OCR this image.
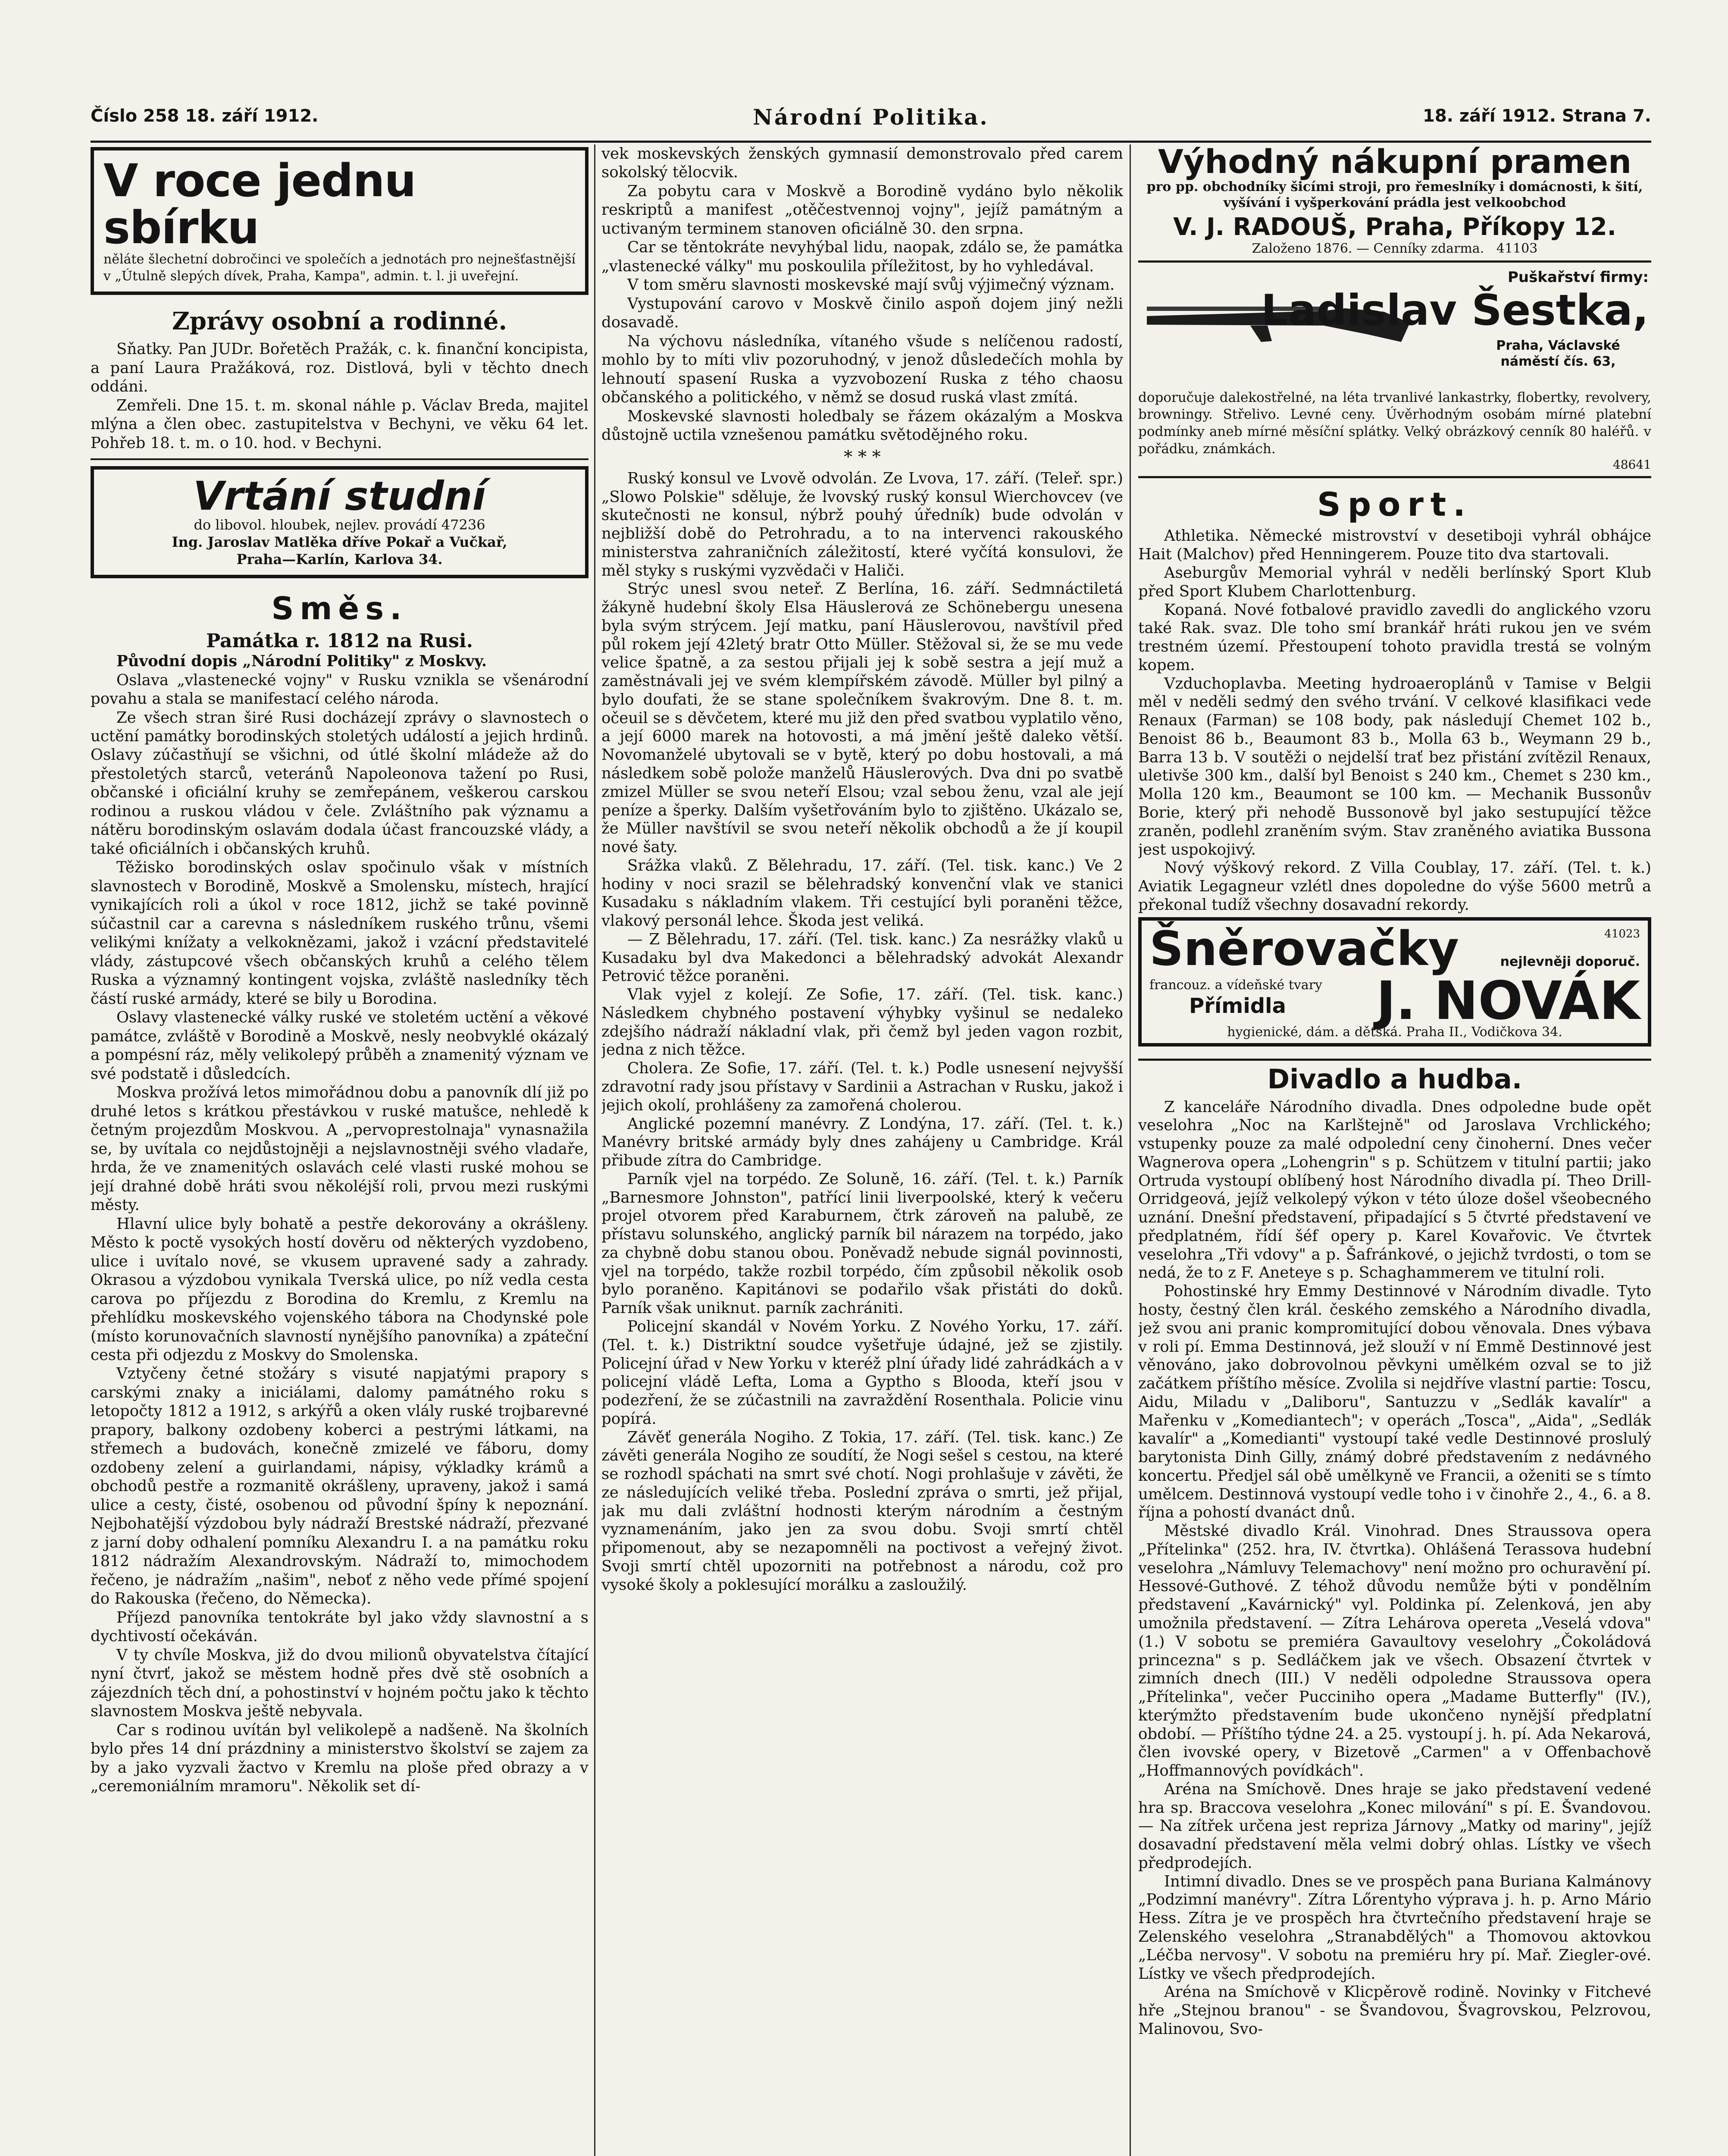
Číslo 258 18. září 1912.	Národní Politika.	18. září 1912. Strana 7.
V roce jednu sbírku
něláte šlechetní dobročinci ve společích a jednotách pro nejnešťastnější v „Útulně slepých dívek, Praha, Kampa", admin. t. l. ji uveřejní.
Zprávy osobní a rodinné.

Sňatky. Pan JUDr. Bořetěch Pražák, c. k. finanční koncipista, a paní Laura Pražáková, roz. Distlová, byli v těchto dnech oddáni.

Zemřeli. Dne 15. t. m. skonal náhle p. Václav Breda, majitel mlýna a člen obec. zastupitelstva v Bechyni, ve věku 64 let. Pohřeb 18. t. m. o 10. hod. v Bechyni.

Vrtání studní
do libovol. hloubek, nejlev. provádí 47236
Ing. Jaroslav Matlěka dříve Pokař a Vučkař,
Praha—Karlín, Karlova 34.
Směs.
Památka r. 1812 na Rusi.

Původní dopis „Národní Politiky" z Moskvy.

Oslava „vlastenecké vojny" v Rusku vznikla se všenárodní povahu a stala se manifestací celého národa.

Ze všech stran širé Rusi docházejí zprávy o slavnostech o uctění památky borodinských stoletých událostí a jejich hrdinů. Oslavy zúčastňují se všichni, od útlé školní mládeže až do přestoletých starců, veteránů Napoleonova tažení po Rusi, občanské i oficiální kruhy se zemřepánem, veškerou carskou rodinou a ruskou vládou v čele. Zvláštního pak významu a nátěru borodinským oslavám dodala účast francouzské vlády, a také oficiálních i občanských kruhů.

Těžisko borodinských oslav spočinulo však v místních slavnostech v Borodině, Moskvě a Smolensku, místech, hrající vynikajících roli a úkol v roce 1812, jichž se také povinně súčastnil car a carevna s následníkem ruského trůnu, všemi velikými knížaty a velkoknězami, jakož i vzácní představitelé vlády, zástupcové všech občanských kruhů a celého tělem Ruska a významný kontingent vojska, zvláště nasledníky těch částí ruské armády, které se bily u Borodina.

Oslavy vlastenecké války ruské ve stoletém uctění a věkové památce, zvláště v Borodině a Moskvě, nesly neobvyklé okázalý a pompésní ráz, měly velikolepý průběh a znamenitý význam ve své podstatě i důsledcích.

Moskva prožívá letos mimořádnou dobu a panovník dlí již po druhé letos s krátkou přestávkou v ruské matušce, nehledě k četným projezdům Moskvou. A „pervoprestolnaja" vynasnažila se, by uvítala co nejdůstojněji a nejslavnostněji svého vladaře, hrda, že ve znamenitých oslavách celé vlasti ruské mohou se její drahné době hráti svou několéjší roli, prvou mezi ruskými městy.

Hlavní ulice byly bohatě a pestře dekorovány a okrášleny. Město k poctě vysokých hostí dověru od některých vyzdobeno, ulice i uvítalo nové, se vkusem upravené sady a zahrady. Okrasou a výzdobou vynikala Tverská ulice, po níž vedla cesta carova po příjezdu z Borodina do Kremlu, z Kremlu na přehlídku moskevského vojenského tábora na Chodynské pole (místo korunovačních slavností nynějšího panovníka) a zpáteční cesta při odjezdu z Moskvy do Smolenska.

Vztyčeny četné stožáry s visuté napjatými prapory s carskými znaky a iniciálami, dalomy památného roku s letopočty 1812 a 1912, s arkýřů a oken vlály ruské trojbarevné prapory, balkony ozdobeny koberci a pestrými látkami, na střemech a budovách, konečně zmizelé ve fáboru, domy ozdobeny zelení a guirlandami, nápisy, výkladky krámů a obchodů pestře a rozmanitě okrášleny, upraveny, jakož i samá ulice a cesty, čisté, osobenou od původní špíny k nepoznání. Nejbohatější výzdobou byly nádraží Brestské nádraží, přezvané z jarní doby odhalení pomníku Alexandru I. a na památku roku 1812 nádražím Alexandrovským. Nádraží to, mimochodem řečeno, je nádražím „našim", neboť z něho vede přímé spojení do Rakouska (řečeno, do Německa).

Příjezd panovníka tentokráte byl jako vždy slavnostní a s dychtivostí očekáván.

V ty chvíle Moskva, již do dvou milionů obyvatelstva čítající nyní čtvrť, jakož se městem hodně přes dvě stě osobních a zájezdních těch dní, a pohostinství v hojném počtu jako k těchto slavnostem Moskva ještě nebyvala.

Car s rodinou uvítán byl velikolepě a nadšeně. Na školních bylo přes 14 dní prázdniny a ministerstvo školství se zajem za by a jako vyzvali žactvo v Kremlu na ploše před obrazy a v „ceremoniálním mramoru". Několik set dí-

vek moskevských ženských gymnasií demonstrovalo před carem sokolský tělocvik.

Za pobytu cara v Moskvě a Borodině vydáno bylo několik reskriptů a manifest „otěčestvennoj vojny", jejíž památným a uctivaným terminem stanoven oficiálně 30. den srpna.

Car se těntokráte nevyhýbal lidu, naopak, zdálo se, že památka „vlastenecké války" mu poskoulila příležitost, by ho vyhledával.

V tom směru slavnosti moskevské mají svůj výjimečný význam.

Vystupování carovo v Moskvě činilo aspoň dojem jiný nežli dosavadě.

Na výchovu následníka, vítaného všude s nelíčenou radostí, mohlo by to míti vliv pozoruhodný, v jenož důsledečích mohla by lehnoutí spasení Ruska a vyzvobození Ruska z tého chaosu občanského a politického, v němž se dosud ruská vlast zmítá.

Moskevské slavnosti holedbaly se řázem okázalým a Moskva důstojně uctila vznešenou památku světodějného roku.

* * *

Ruský konsul ve Lvově odvolán. Ze Lvova, 17. září. (Teleř. spr.) „Slowo Polskie" sděluje, že lvovský ruský konsul Wierchovcev (ve skutečnosti ne konsul, nýbrž pouhý úředník) bude odvolán v nejbližší době do Petrohradu, a to na intervenci rakouského ministerstva zahraničních záležitostí, které vyčítá konsulovi, že měl styky s ruskými vyzvědači v Haliči.

Strýc unesl svou neteř. Z Berlína, 16. září. Sedmnáctiletá žákyně hudební školy Elsa Häuslerová ze Schönebergu unesena byla svým strýcem. Její matku, paní Häuslerovou, navštívil před půl rokem její 42letý bratr Otto Müller. Stěžoval si, že se mu vede velice špatně, a za sestou přijali jej k sobě sestra a její muž a zaměstnávali jej ve svém klempířském závodě. Müller byl pilný a bylo doufati, že se stane společníkem švakrovým. Dne 8. t. m. očeuil se s děvčetem, které mu již den před svatbou vyplatilo věno, a její 6000 marek na hotovosti, a má jmění ještě daleko větší. Novomanželé ubytovali se v bytě, který po dobu hostovali, a má následkem sobě polože manželů Häuslerových. Dva dni po svatbě zmizel Müller se svou neteří Elsou; vzal sebou ženu, vzal ale její peníze a šperky. Dalším vyšetřováním bylo to zjištěno. Ukázalo se, že Müller navštívil se svou neteří několik obchodů a že jí koupil nové šaty.

Srážka vlaků. Z Bělehradu, 17. září. (Tel. tisk. kanc.) Ve 2 hodiny v noci srazil se bělehradský konvenční vlak ve stanici Kusadaku s nákladním vlakem. Tři cestující byli poraněni těžce, vlakový personál lehce. Škoda jest veliká.

— Z Bělehradu, 17. září. (Tel. tisk. kanc.) Za nesrážky vlaků u Kusadaku byl dva Makedonci a bělehradský advokát Alexandr Petrović těžce poraněni.

Vlak vyjel z kolejí. Ze Sofie, 17. září. (Tel. tisk. kanc.) Následkem chybného postavení výhybky vyšinul se nedaleko zdejšího nádraží nákladní vlak, při čemž byl jeden vagon rozbit, jedna z nich těžce.

Cholera. Ze Sofie, 17. září. (Tel. t. k.) Podle usnesení nejvyšší zdravotní rady jsou přístavy v Sardinii a Astrachan v Rusku, jakož i jejich okolí, prohlášeny za zamořená cholerou.

Anglické pozemní manévry. Z Londýna, 17. září. (Tel. t. k.) Manévry britské armády byly dnes zahájeny u Cambridge. Král přibude zítra do Cambridge.

Parník vjel na torpédo. Ze Soluně, 16. září. (Tel. t. k.) Parník „Barnesmore Johnston", patřící linii liverpoolské, který k večeru projel otvorem před Karaburnem, čtrk zároveň na palubě, ze přístavu solunského, anglický parník bil nárazem na torpédo, jako za chybně dobu stanou obou. Poněvadž nebude signál povinnosti, vjel na torpédo, takže rozbil torpédo, čím způsobil několik osob bylo poraněno. Kapitánovi se podařilo však přistáti do doků. Parník však uniknut. parník zachrániti.

Policejní skandál v Novém Yorku. Z Nového Yorku, 17. září. (Tel. t. k.) Distriktní soudce vyšetřuje údajné, jež se zjistily. Policejní úřad v New Yorku v kteréž plní úřady lidé zahrádkách a v policejní vládě Lefta, Loma a Gyptho s Blooda, kteří jsou v podezření, že se zúčastnili na zavraždění Rosenthala. Policie vinu popírá.

Závěť generála Nogiho. Z Tokia, 17. září. (Tel. tisk. kanc.) Ze závěti generála Nogiho ze soudítí, že Nogi sešel s cestou, na které se rozhodl spáchati na smrt své chotí. Nogi prohlašuje v závěti, že ze následujících veliké třeba. Poslední zpráva o smrti, jež přijal, jak mu dali zvláštní hodnosti kterým národním a čestným vyznamenáním, jako jen za svou dobu. Svoji smrtí chtěl připomenout, aby se nezapomněli na poctivost a veřejný život. Svoji smrtí chtěl upozorniti na potřebnost a národu, což pro vysoké školy a poklesující morálku a zasloužilý.

Výhodný nákupní pramen
pro pp. obchodníky šicími stroji, pro řemeslníky i domácnosti, k šití, vyšívání i vyšperkování prádla jest velkoobchod
V. J. RADOUŠ, Praha, Příkopy 12.
Založeno 1876. — Cenníky zdarma. 41103
Puškařství firmy:
Ladislav Šestka,
Praha, Václavské náměstí čís. 63,
doporučuje dalekostřelné, na léta trvanlivé lankastrky, flobertky, revolvery, browningy. Střelivo. Levné ceny. Úvěrhodným osobám mírné platební podmínky aneb mírné měsíční splátky. Velký obrázkový cenník 80 haléřů. v pořádku, známkách.
48641
Sport.

Athletika. Německé mistrovství v desetiboji vyhrál obhájce Hait (Malchov) před Henningerem. Pouze tito dva startovali.

Aseburgův Memorial vyhrál v neděli berlínský Sport Klub před Sport Klubem Charlottenburg.

Kopaná. Nové fotbalové pravidlo zavedli do anglického vzoru také Rak. svaz. Dle toho smí brankář hráti rukou jen ve svém trestném území. Přestoupení tohoto pravidla trestá se volným kopem.

Vzduchoplavba. Meeting hydroaeroplánů v Tamise v Belgii měl v neděli sedmý den svého trvání. V celkové klasifikaci vede Renaux (Farman) se 108 body, pak následují Chemet 102 b., Benoist 86 b., Beaumont 83 b., Molla 63 b., Weymann 29 b., Barra 13 b. V soutěži o nejdelší trať bez přistání zvítězil Renaux, uletivše 300 km., další byl Benoist s 240 km., Chemet s 230 km., Molla 120 km., Beaumont se 100 km. — Mechanik Bussonův Borie, který při nehodě Bussonově byl jako sestupující těžce zraněn, podlehl zraněním svým. Stav zraněného aviatika Bussona jest uspokojivý.

Nový výškový rekord. Z Villa Coublay, 17. září. (Tel. t. k.) Aviatik Legagneur vzlétl dnes dopoledne do výše 5600 metrů a překonal tudíž všechny dosavadní rekordy.

Šněrovačky	41023
nejlevněji doporuč.
francouz. a vídeňské tvary
Přímidla J. NOVÁK
hygienické, dám. a dětská. Praha II., Vodičkova 34.
Divadlo a hudba.

Z kanceláře Národního divadla. Dnes odpoledne bude opět veselohra „Noc na Karlštejně" od Jaroslava Vrchlického; vstupenky pouze za malé odpolední ceny činoherní. Dnes večer Wagnerova opera „Lohengrin" s p. Schützem v titulní partii; jako Ortruda vystoupí oblíbený host Národního divadla pí. Theo Drill-Orridgeová, jejíž velkolepý výkon v této úloze došel všeobecného uznání. Dnešní představení, připadající s 5 čtvrté představení ve předplatném, řídí šéf opery p. Karel Kovařovic. Ve čtvrtek veselohra „Tři vdovy" a p. Šafránkové, o jejichž tvrdosti, o tom se nedá, že to z F. Aneteye s p. Schaghammerem ve titulní roli.

Pohostinské hry Emmy Destinnové v Národním divadle. Tyto hosty, čestný člen král. českého zemského a Národního divadla, jež svou ani pranic kompromitující dobou věnovala. Dnes výbava v roli pí. Emma Destinnová, jež slouží v ní Emmě Destinnové jest věnováno, jako dobrovolnou pěvkyni umělkém ozval se to již začátkem příštího měsíce. Zvolila si nejdříve vlastní partie: Toscu, Aidu, Miladu v „Daliboru", Santuzzu v „Sedlák kavalír" a Mařenku v „Komediantech"; v operách „Tosca", „Aida", „Sedlák kavalír" a „Komedianti" vystoupí také vedle Destinnové proslulý barytonista Dinh Gilly, známý dobré představením z nedávného koncertu. Předjel sál obě umělkyně ve Francii, a oženiti se s tímto umělcem. Destinnová vystoupí vedle toho i v činohře 2., 4., 6. a 8. října a pohostí dvanáct dnů.

Městské divadlo Král. Vinohrad. Dnes Straussova opera „Přítelinka" (252. hra, IV. čtvrtka). Ohlášená Terassova hudební veselohra „Námluvy Telemachovy" není možno pro ochuravění pí. Hessové-Guthové. Z téhož důvodu nemůže býti v pondělním představení „Kavárnický" vyl. Poldinka pí. Zelenková, jen aby umožnila představení. — Zítra Lehárova opereta „Veselá vdova" (1.) V sobotu se premiéra Gavaultovy veselohry „Čokoládová princezna" s p. Sedláčkem jak ve všech. Obsazení čtvrtek v zimních dnech (III.) V neděli odpoledne Straussova opera „Přítelinka", večer Pucciniho opera „Madame Butterfly" (IV.), kterýmžto představením bude ukončeno nynější předplatní období. — Příštího týdne 24. a 25. vystoupí j. h. pí. Ada Nekarová, člen ivovské opery, v Bizetově „Carmen" a v Offenbachově „Hoffmannových povídkách".

Aréna na Smíchově. Dnes hraje se jako představení vedené hra sp. Braccova veselohra „Konec milování" s pí. E. Švandovou. — Na zítřek určena jest repriza Járnovy „Matky od mariny", jejíž dosavadní představení měla velmi dobrý ohlas. Lístky ve všech předprodejích.

Intimní divadlo. Dnes se ve prospěch pana Buriana Kalmánovy „Podzimní manévry". Zítra Lőrentyho výprava j. h. p. Arno Mário Hess. Zítra je ve prospěch hra čtvrtečního představení hraje se Zelenského veselohra „Stranabdělých" a Thomovou aktovkou „Léčba nervosy". V sobotu na premiéru hry pí. Mař. Ziegler-ové. Lístky ve všech předprodejích.

Aréna na Smíchově v Klicpěrově rodině. Novinky v Fitchevé hře „Stejnou branou" - se Švandovou, Švagrovskou, Pelzrovou, Malinovou, Svo-
